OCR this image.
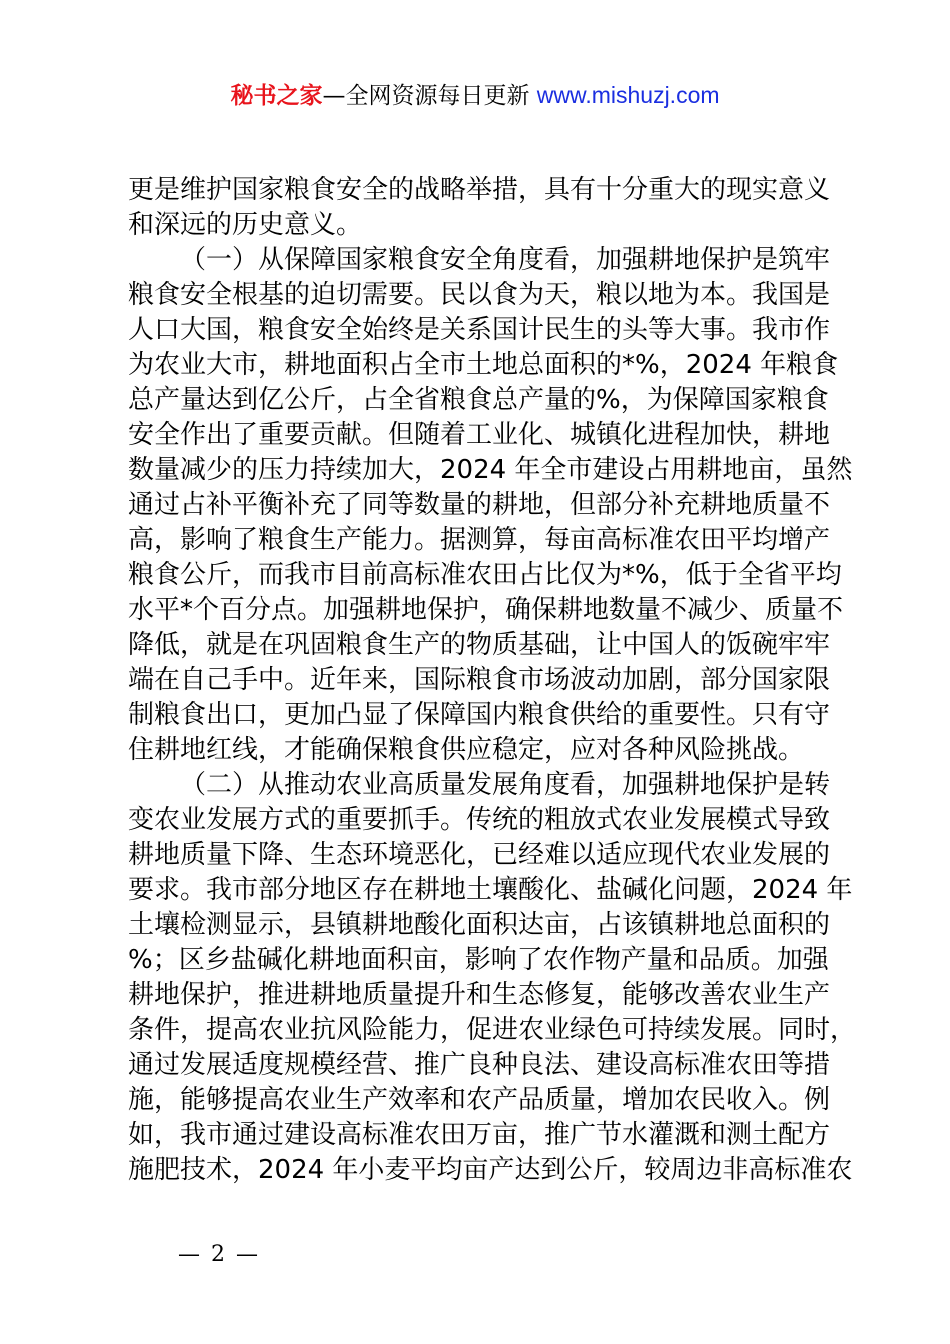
秘书之家—全网资源每日更新 www.mishuzj.com
更是维护国家粮食安全的战略举措，具有十分重大的现实意义
和深远的历史意义。
（一）从保障国家粮食安全角度看，加强耕地保护是筑牢
粮食安全根基的迫切需要。民以食为天，粮以地为本。我国是
人口大国，粮食安全始终是关系国计民生的头等大事。我市作
为农业大市，耕地面积占全市土地总面积的*%，2024 年粮食
总产量达到亿公斤，占全省粮食总产量的%，为保障国家粮食
安全作出了重要贡献。但随着工业化、城镇化进程加快，耕地
数量减少的压力持续加大，2024 年全市建设占用耕地亩，虽然
通过占补平衡补充了同等数量的耕地，但部分补充耕地质量不
高，影响了粮食生产能力。据测算，每亩高标准农田平均增产
粮食公斤，而我市目前高标准农田占比仅为*%，低于全省平均
水平*个百分点。加强耕地保护，确保耕地数量不减少、质量不
降低，就是在巩固粮食生产的物质基础，让中国人的饭碗牢牢
端在自己手中。近年来，国际粮食市场波动加剧，部分国家限
制粮食出口，更加凸显了保障国内粮食供给的重要性。只有守
住耕地红线，才能确保粮食供应稳定，应对各种风险挑战。
（二）从推动农业高质量发展角度看，加强耕地保护是转
变农业发展方式的重要抓手。传统的粗放式农业发展模式导致
耕地质量下降、生态环境恶化，已经难以适应现代农业发展的
要求。我市部分地区存在耕地土壤酸化、盐碱化问题，2024 年
土壤检测显示，县镇耕地酸化面积达亩，占该镇耕地总面积的
%；区乡盐碱化耕地面积亩，影响了农作物产量和品质。加强
耕地保护，推进耕地质量提升和生态修复，能够改善农业生产
条件，提高农业抗风险能力，促进农业绿色可持续发展。同时，
通过发展适度规模经营、推广良种良法、建设高标准农田等措
施，能够提高农业生产效率和农产品质量，增加农民收入。例
如，我市通过建设高标准农田万亩，推广节水灌溉和测土配方
施肥技术，2024 年小麦平均亩产达到公斤，较周边非高标准农
— 2 —
